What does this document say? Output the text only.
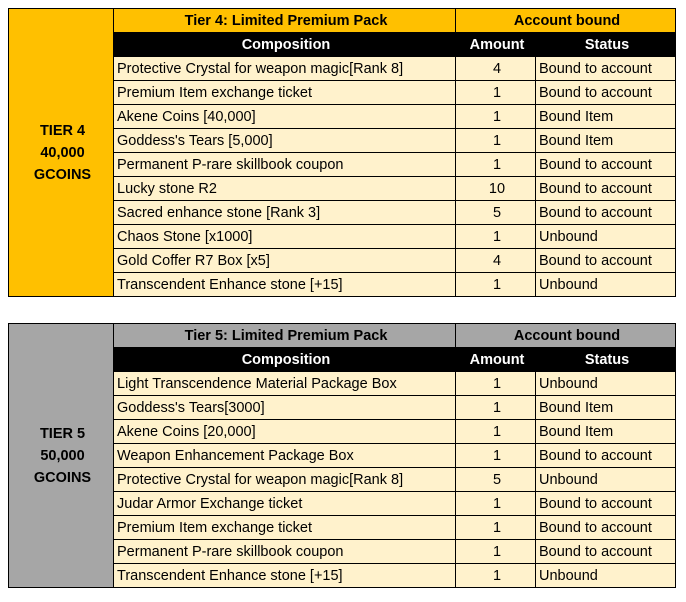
TIER 4
40,000
GCOINS	Tier 4: Limited Premium Pack	Account bound	
	Composition	Amount	Status
	Protective Crystal for weapon magic[Rank 8]	4	Bound to account
	Premium Item exchange ticket	1	Bound to account
	Akene Coins [40,000]	1	Bound Item
	Goddess's Tears [5,000]	1	Bound Item
	Permanent P-rare skillbook coupon	1	Bound to account
	Lucky stone R2	10	Bound to account
	Sacred enhance stone [Rank 3]	5	Bound to account
	Chaos Stone [x1000]	1	Unbound
	Gold Coffer R7 Box [x5]	4	Bound to account
	Transcendent Enhance stone [+15]	1	Unbound
TIER 5
50,000
GCOINS	Tier 5: Limited Premium Pack	Account bound	
	Composition	Amount	Status
	Light Transcendence Material Package Box	1	Unbound
	Goddess's Tears[3000]	1	Bound Item
	Akene Coins [20,000]	1	Bound Item
	Weapon Enhancement Package Box	1	Bound to account
	Protective Crystal for weapon magic[Rank 8]	5	Unbound
	Judar Armor Exchange ticket	1	Bound to account
	Premium Item exchange ticket	1	Bound to account
	Permanent P-rare skillbook coupon	1	Bound to account
	Transcendent Enhance stone [+15]	1	Unbound
